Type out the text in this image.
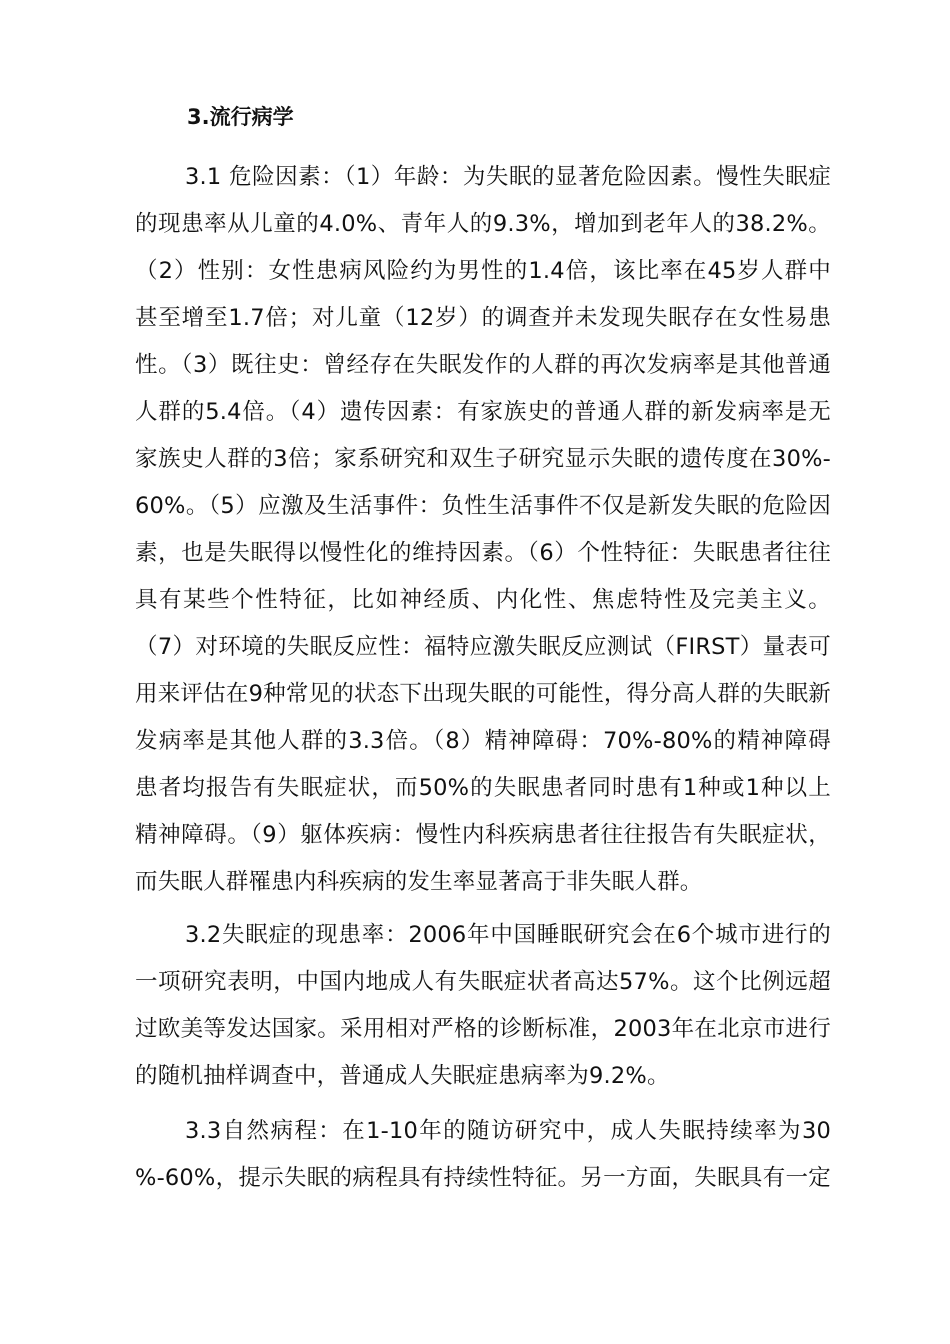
3.流行病学
3.1 危险因素：（1）年龄：为失眠的显著危险因素。慢性失眠症
的现患率从儿童的4.0%、青年人的9.3%，增加到老年人的38.2%。
（2）性别：女性患病风险约为男性的1.4倍，该比率在45岁人群中
甚至增至1.7倍；对儿童（12岁）的调查并未发现失眠存在女性易患
性。（3）既往史：曾经存在失眠发作的人群的再次发病率是其他普通
人群的5.4倍。（4）遗传因素：有家族史的普通人群的新发病率是无
家族史人群的3倍；家系研究和双生子研究显示失眠的遗传度在30%-
60%。（5）应激及生活事件：负性生活事件不仅是新发失眠的危险因
素，也是失眠得以慢性化的维持因素。（6）个性特征：失眠患者往往
具有某些个性特征，比如神经质、内化性、焦虑特性及完美主义。
（7）对环境的失眠反应性：福特应激失眠反应测试（FIRST）量表可
用来评估在9种常见的状态下出现失眠的可能性，得分高人群的失眠新
发病率是其他人群的3.3倍。（8）精神障碍：70%-80%的精神障碍
患者均报告有失眠症状，而50%的失眠患者同时患有1种或1种以上
精神障碍。（9）躯体疾病：慢性内科疾病患者往往报告有失眠症状，
而失眠人群罹患内科疾病的发生率显著高于非失眠人群。
3.2失眠症的现患率：2006年中国睡眠研究会在6个城市进行的
一项研究表明，中国内地成人有失眠症状者高达57%。这个比例远超
过欧美等发达国家。采用相对严格的诊断标准，2003年在北京市进行
的随机抽样调查中，普通成人失眠症患病率为9.2%。
3.3自然病程：在1-10年的随访研究中，成人失眠持续率为30
%-60%，提示失眠的病程具有持续性特征。另一方面，失眠具有一定
